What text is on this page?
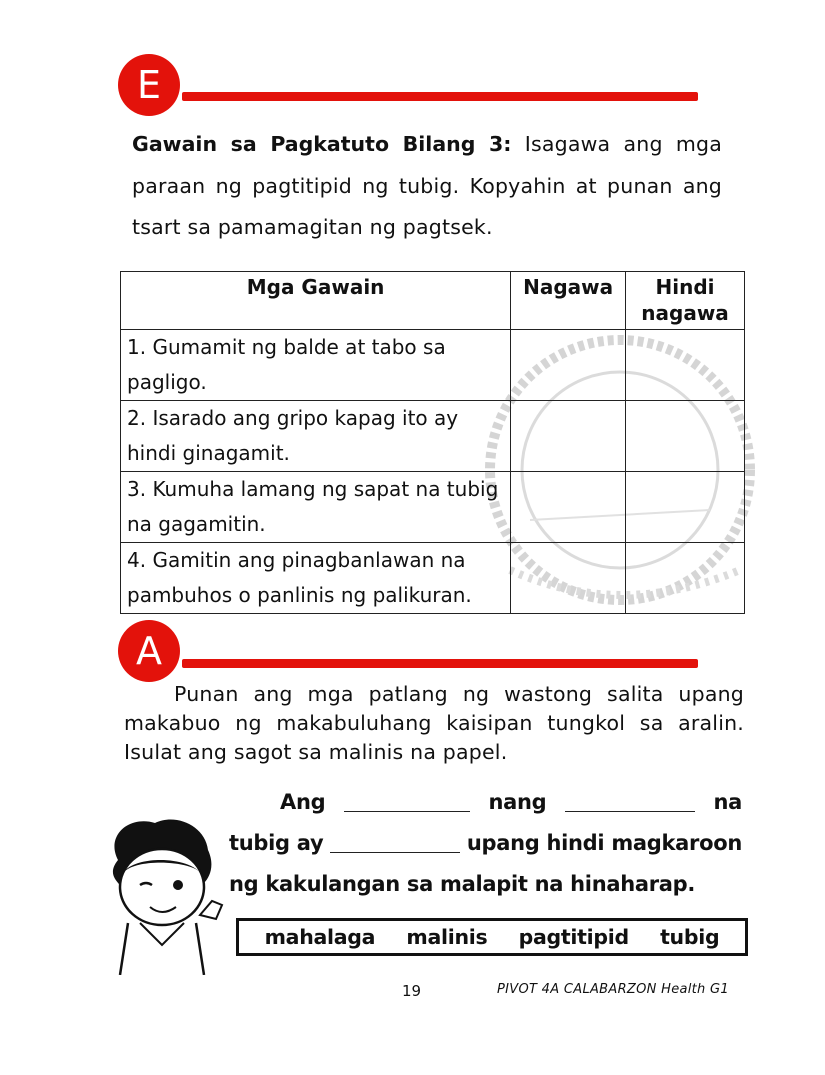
E
Gawain sa Pagkatuto Bilang 3: Isagawa ang mga paraan ng pagtitipid ng tubig. Kopyahin at punan ang tsart sa pamamagitan ng pagtsek.
Mga Gawain	Nagawa	Hindi nagawa
1. Gumamit ng balde at tabo sa pagligo.		
2. Isarado ang gripo kapag ito ay hindi ginagamit.		
3. Kumuha lamang ng sapat na tubig na gagamitin.		
4. Gamitin ang pinagbanlawan na pambuhos o panlinis ng palikuran.		
A
Punan ang mga patlang ng wastong salita upang makabuo ng makabuluhang kaisipan tungkol sa aralin. Isulat ang sagot sa malinis na papel.
Ang	nang	na
tubig ay	upang hindi magkaroon
ng kakulangan sa malapit na hinaharap.
mahalaga malinis pagtitipid tubig
19	PIVOT 4A CALABARZON Health G1
